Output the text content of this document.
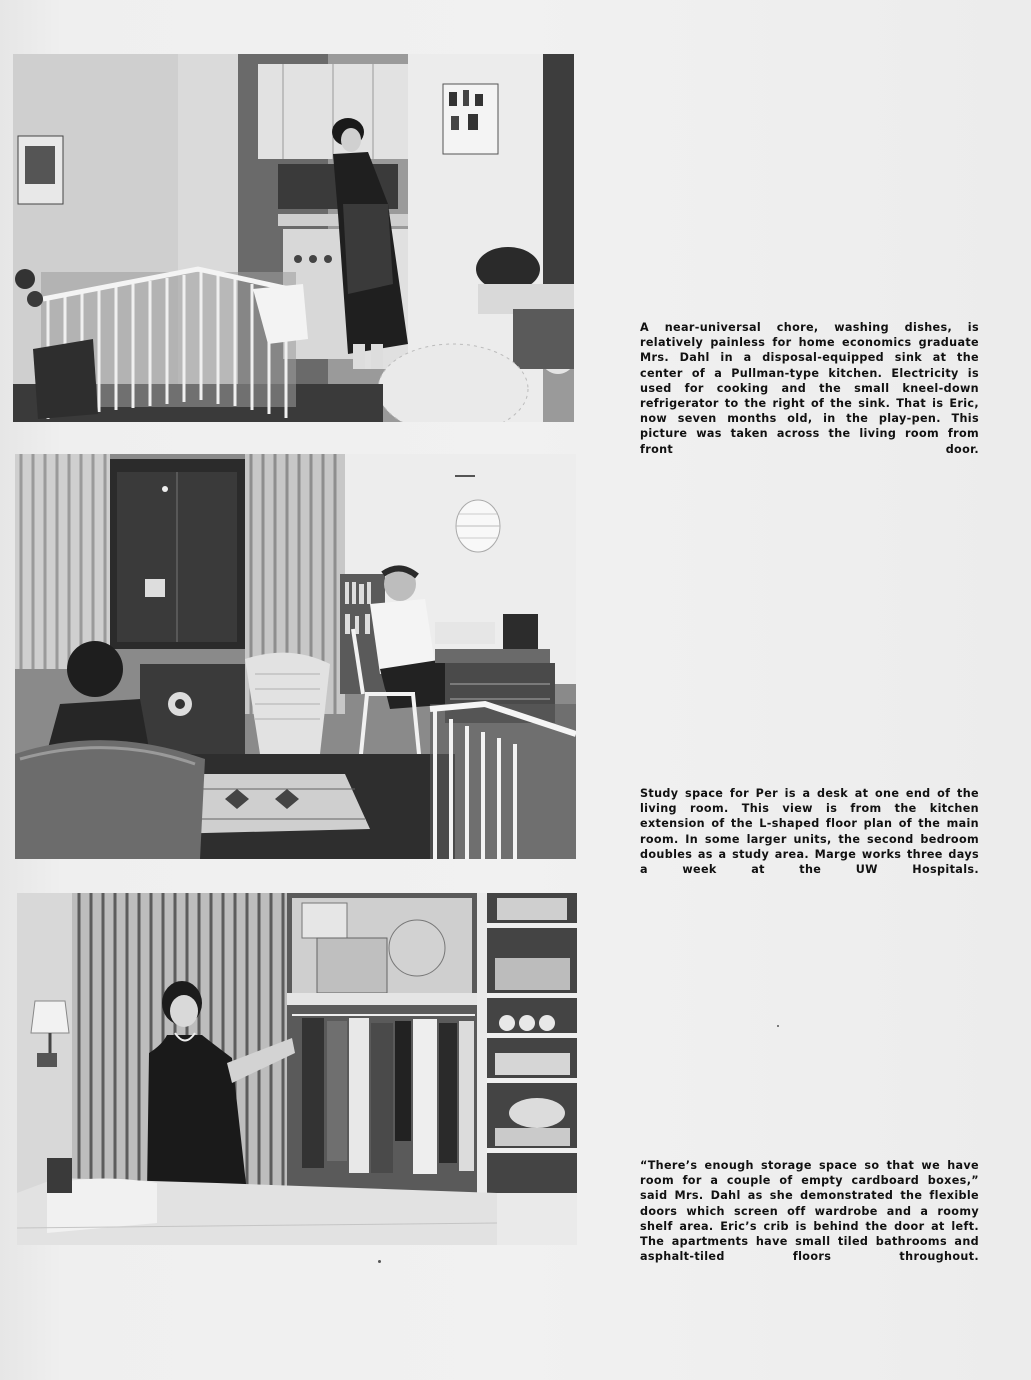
A near-universal chore, washing dishes, is relatively painless for home economics graduate Mrs. Dahl in a disposal-equipped sink at the center of a Pullman-type kitchen. Electricity is used for cooking and the small kneel-down refrigerator to the right of the sink. That is Eric, now seven months old, in the play-pen. This picture was taken across the living room from front door.
Study space for Per is a desk at one end of the living room. This view is from the kitchen extension of the L-shaped floor plan of the main room. In some larger units, the second bedroom doubles as a study area. Marge works three days a week at the UW Hospitals.
“There’s enough storage space so that we have room for a couple of empty cardboard boxes,” said Mrs. Dahl as she demonstrated the flexible doors which screen off wardrobe and a roomy shelf area. Eric’s crib is behind the door at left. The apartments have small tiled bathrooms and asphalt-tiled floors throughout.
